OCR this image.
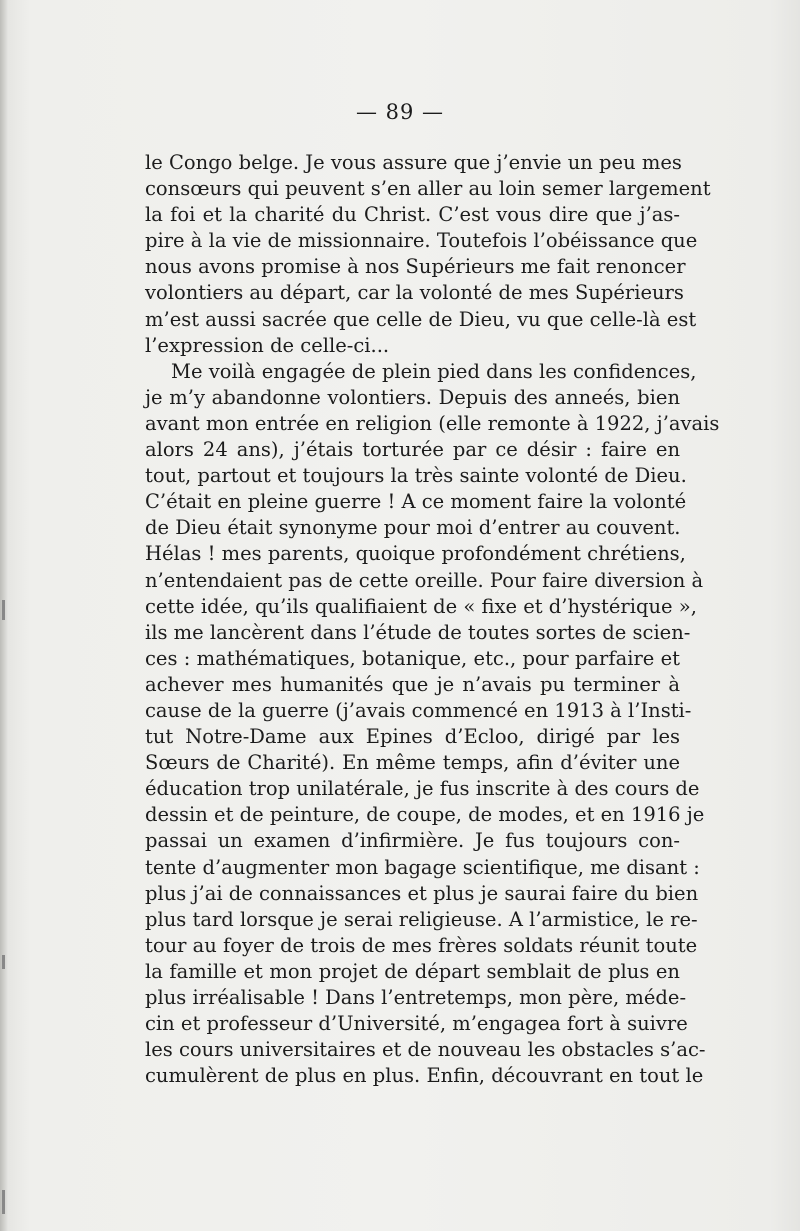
— 89 —
le Congo belge. Je vous assure que j’envie un peu mes
consœurs qui peuvent s’en aller au loin semer largement
la foi et la charité du Christ. C’est vous dire que j’as-
pire à la vie de missionnaire. Toutefois l’obéissance que
nous avons promise à nos Supérieurs me fait renoncer
volontiers au départ, car la volonté de mes Supérieurs
m’est aussi sacrée que celle de Dieu, vu que celle-là est
l’expression de celle-ci...
Me voilà engagée de plein pied dans les confidences,
je m’y abandonne volontiers. Depuis des anneés, bien
avant mon entrée en religion (elle remonte à 1922, j’avais
alors 24 ans), j’étais torturée par ce désir : faire en
tout, partout et toujours la très sainte volonté de Dieu.
C’était en pleine guerre ! A ce moment faire la volonté
de Dieu était synonyme pour moi d’entrer au couvent.
Hélas ! mes parents, quoique profondément chrétiens,
n’entendaient pas de cette oreille. Pour faire diversion à
cette idée, qu’ils qualifiaient de « fixe et d’hystérique »,
ils me lancèrent dans l’étude de toutes sortes de scien-
ces : mathématiques, botanique, etc., pour parfaire et
achever mes humanités que je n’avais pu terminer à
cause de la guerre (j’avais commencé en 1913 à l’Insti-
tut Notre-Dame aux Epines d’Ecloo, dirigé par les
Sœurs de Charité). En même temps, afin d’éviter une
éducation trop unilatérale, je fus inscrite à des cours de
dessin et de peinture, de coupe, de modes, et en 1916 je
passai un examen d’infirmière. Je fus toujours con-
tente d’augmenter mon bagage scientifique, me disant :
plus j’ai de connaissances et plus je saurai faire du bien
plus tard lorsque je serai religieuse. A l’armistice, le re-
tour au foyer de trois de mes frères soldats réunit toute
la famille et mon projet de départ semblait de plus en
plus irréalisable ! Dans l’entretemps, mon père, méde-
cin et professeur d’Université, m’engagea fort à suivre
les cours universitaires et de nouveau les obstacles s’ac-
cumulèrent de plus en plus. Enfin, découvrant en tout le
